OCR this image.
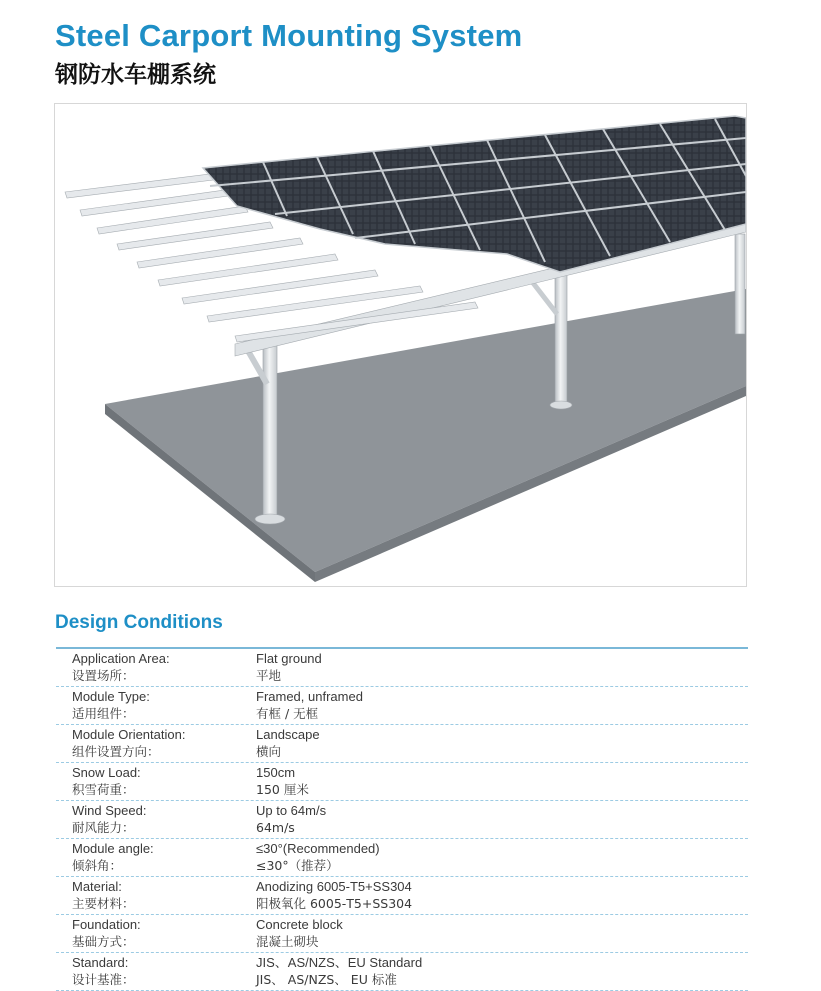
Steel Carport Mounting System
钢防水车棚系统
Design Conditions
Application Area:	Flat ground
设置场所：	平地
Module Type:	Framed, unframed
适用组件：	有框 / 无框
Module Orientation:	Landscape
组件设置方向：	横向
Snow Load:	150cm
积雪荷重：	150 厘米
Wind Speed:	Up to 64m/s
耐风能力：	64m/s
Module angle:	≤30°(Recommended)
倾斜角：	≤30°（推荐）
Material:	Anodizing 6005-T5+SS304
主要材料：	阳极氧化 6005-T5+SS304
Foundation:	Concrete block
基础方式：	混凝土砌块
Standard:	JIS、AS/NZS、EU Standard
设计基准：	JIS、 AS/NZS、 EU 标准
